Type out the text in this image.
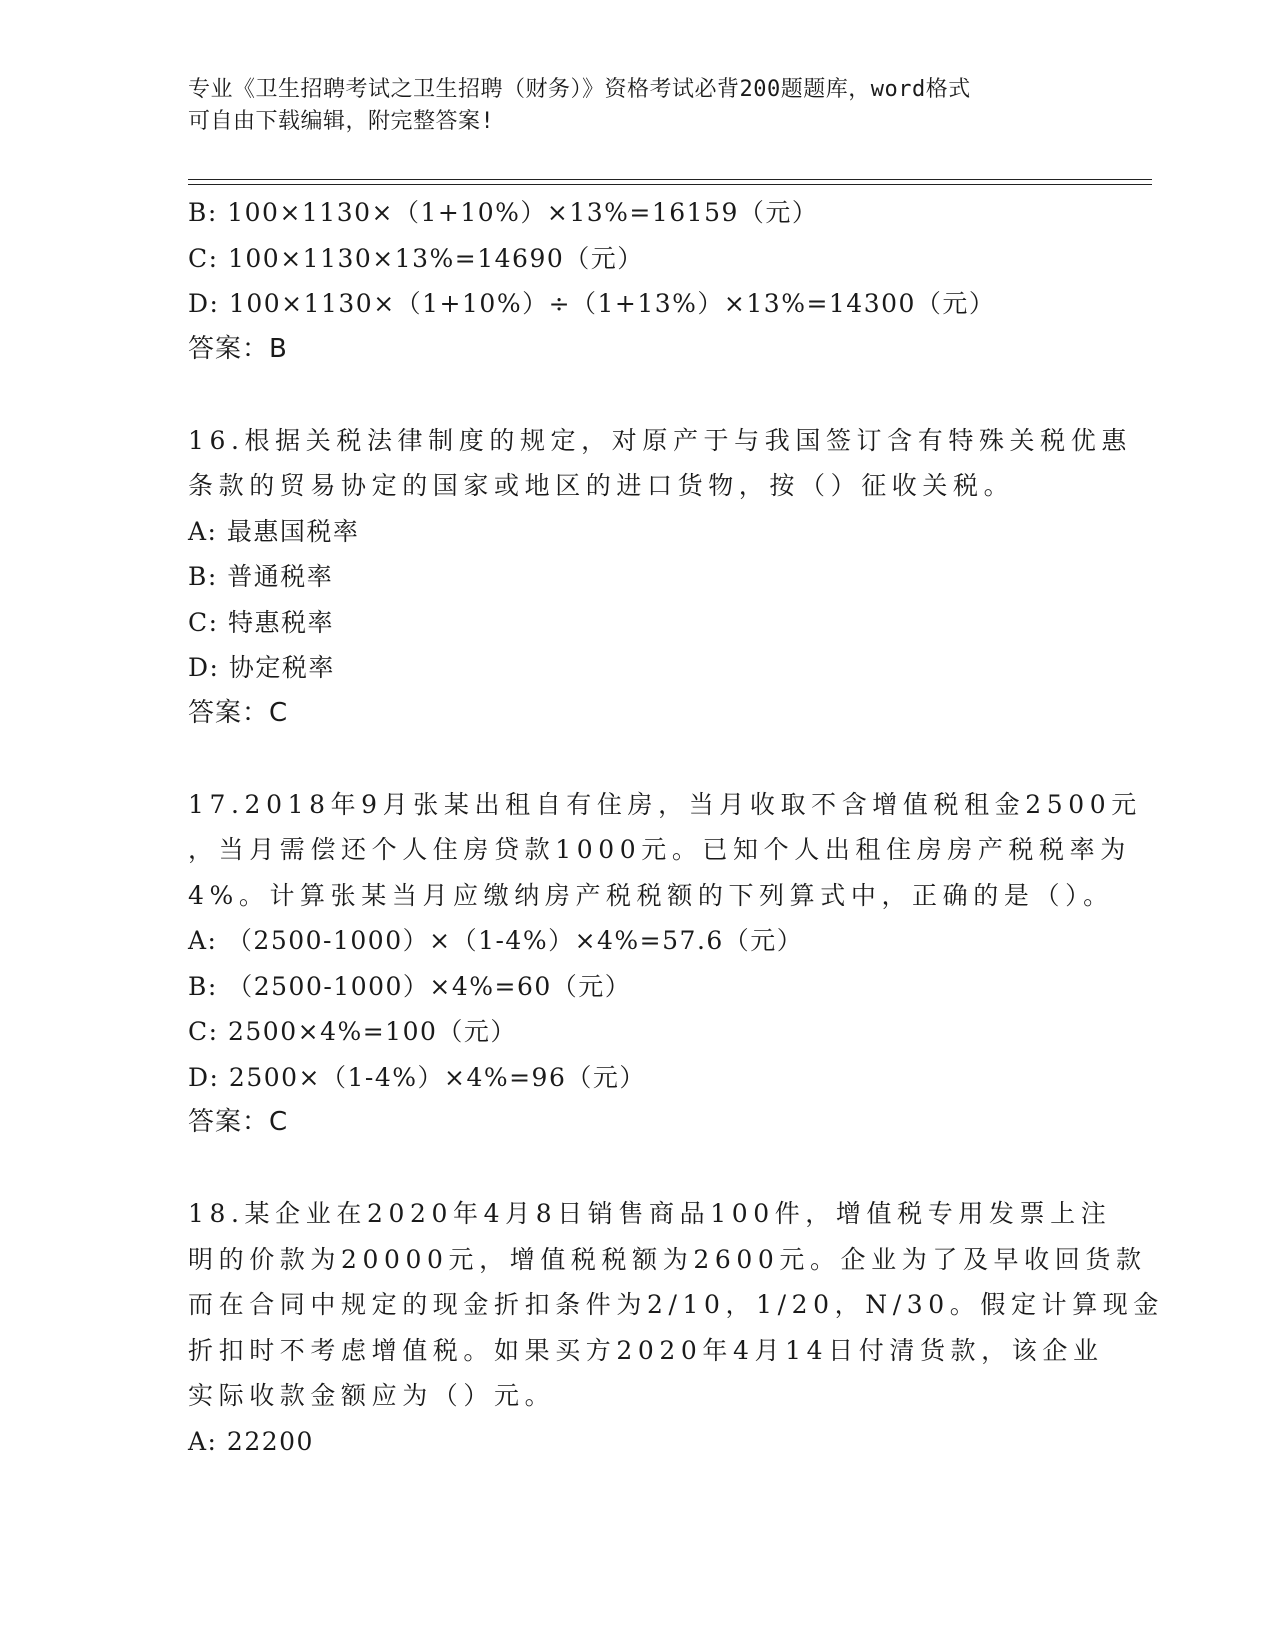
专业《卫生招聘考试之卫生招聘（财务）》资格考试必背200题题库，word格式
可自由下载编辑，附完整答案!
B: 100×1130×（1+10%）×13%=16159（元）
C: 100×1130×13%=14690（元）
D: 100×1130×（1+10%）÷（1+13%）×13%=14300（元）
答案：B
16.根据关税法律制度的规定，对原产于与我国签订含有特殊关税优惠
条款的贸易协定的国家或地区的进口货物，按（）征收关税。
A: 最惠国税率
B: 普通税率
C: 特惠税率
D: 协定税率
答案：C
17.2018年9月张某出租自有住房，当月收取不含增值税租金2500元
，当月需偿还个人住房贷款1000元。已知个人出租住房房产税税率为
4%。计算张某当月应缴纳房产税税额的下列算式中，正确的是（）。
A: （2500-1000）×（1-4%）×4%=57.6（元）
B: （2500-1000）×4%=60（元）
C: 2500×4%=100（元）
D: 2500×（1-4%）×4%=96（元）
答案：C
18.某企业在2020年4月8日销售商品100件，增值税专用发票上注
明的价款为20000元，增值税税额为2600元。企业为了及早收回货款
而在合同中规定的现金折扣条件为2/10，1/20，N/30。假定计算现金
折扣时不考虑增值税。如果买方2020年4月14日付清货款，该企业
实际收款金额应为（）元。
A: 22200
